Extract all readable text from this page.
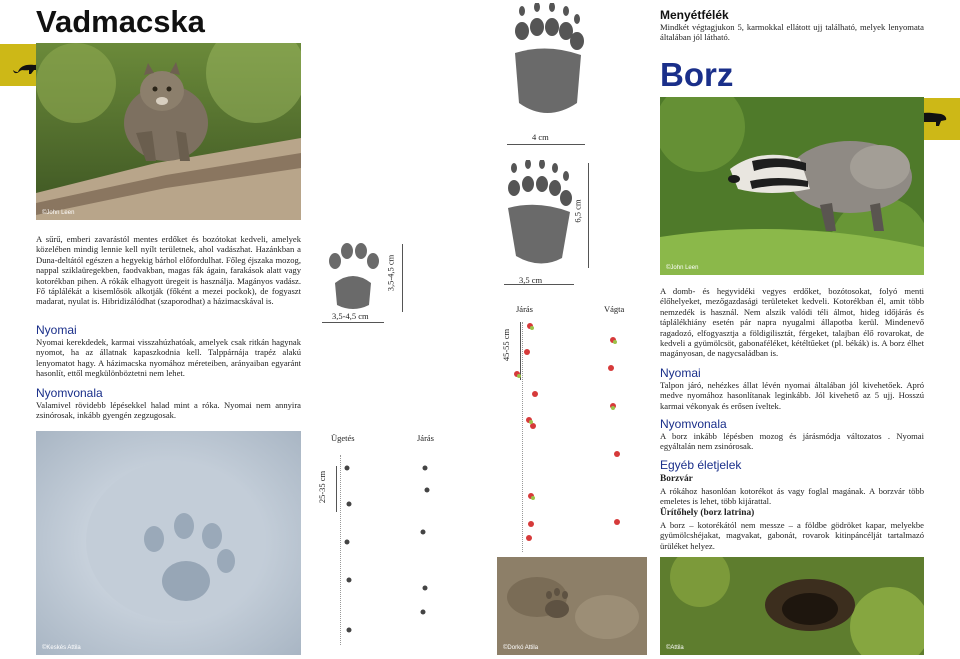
Vadmacska
©John Leen
A sűrű, emberi zavarástól mentes erdőket és bozótokat kedveli, amelyek közelében mindig lennie kell nyílt területnek, ahol vadászhat. Hazánkban a Duna-deltától egészen a hegyekig bárhol előfordulhat. Főleg éjszaka mozog, nappal sziklaüregekben, faodvakban, magas fák ágain, farakások alatt vagy kotorékban pihen. A rókák elhagyott üregeit is használja. Magányos vadász. Fő táplálékát a kisemlősök alkotják (főként a mezei pockok), de fogyaszt madarat, nyulat is. Hibridizálódhat (szaporodhat) a házimacskával is.
Nyomai
Nyomai kerekdedek, karmai visszahúzhatóak, amelyek csak ritkán hagynak nyomot, ha az állatnak kapaszkodnia kell. Talppárnája trapéz alakú lenyomatot hagy. A házimacska nyomához méreteiben, arányaiban egyaránt hasonlít, ettől megkülönböztetni nem lehet.
Nyomvonala
Valamivel rövidebb lépésekkel halad mint a róka. Nyomai nem annyira zsinórosak, inkább gyengén zegzugosak.
©Keskés Attila
4 cm
6,5 cm
3,5 cm
3,5-4,5 cm
3,5-4,5 cm
Járás	Vágta
45-55 cm
Ügetés	Járás
25-35 cm
©Dorkó Attila
Menyétfélék
Mindkét végtagjukon 5, karmokkal ellátott ujj található, melyek lenyomata általában jól látható.
Borz
©John Leen
A domb- és hegyvidéki vegyes erdőket, bozótosokat, folyó menti élőhelyeket, mezőgazdasági területeket kedveli. Kotorékban él, amit több nemzedék is használ. Nem alszik valódi téli álmot, hideg időjárás és táplálékhiány esetén pár napra nyugalmi állapotba kerül. Mindenevő ragadozó, elfogyasztja a földigilisztát, férgeket, talajban élő rovarokat, de kedveli a gyümölcsöt, gabonaféléket, kétéltűeket (pl. békák) is. A borz élhet magányosan, de nagycsaládban is.
Nyomai
Talpon járó, nehézkes állat lévén nyomai általában jól kivehetőek. Apró medve nyomához hasonlítanak leginkább. Jól kivehető az 5 ujj. Hosszú karmai vékonyak és erősen íveltek.
Nyomvonala
A borz inkább lépésben mozog és járásmódja változatos . Nyomai egyáltalán nem zsinórosak.
Egyéb életjelek
Borzvár
A rókához hasonlóan kotorékot ás vagy foglal magának. A borzvár több emeletes is lehet, több kijárattal.
Ürítőhely (borz latrina)
A borz – kotorékától nem messze – a földbe gödröket kapar, melyekbe gyümölcshéjakat, magvakat, gabonát, rovarok kitinpáncélját tartalmazó ürüléket helyez.
©Attila
